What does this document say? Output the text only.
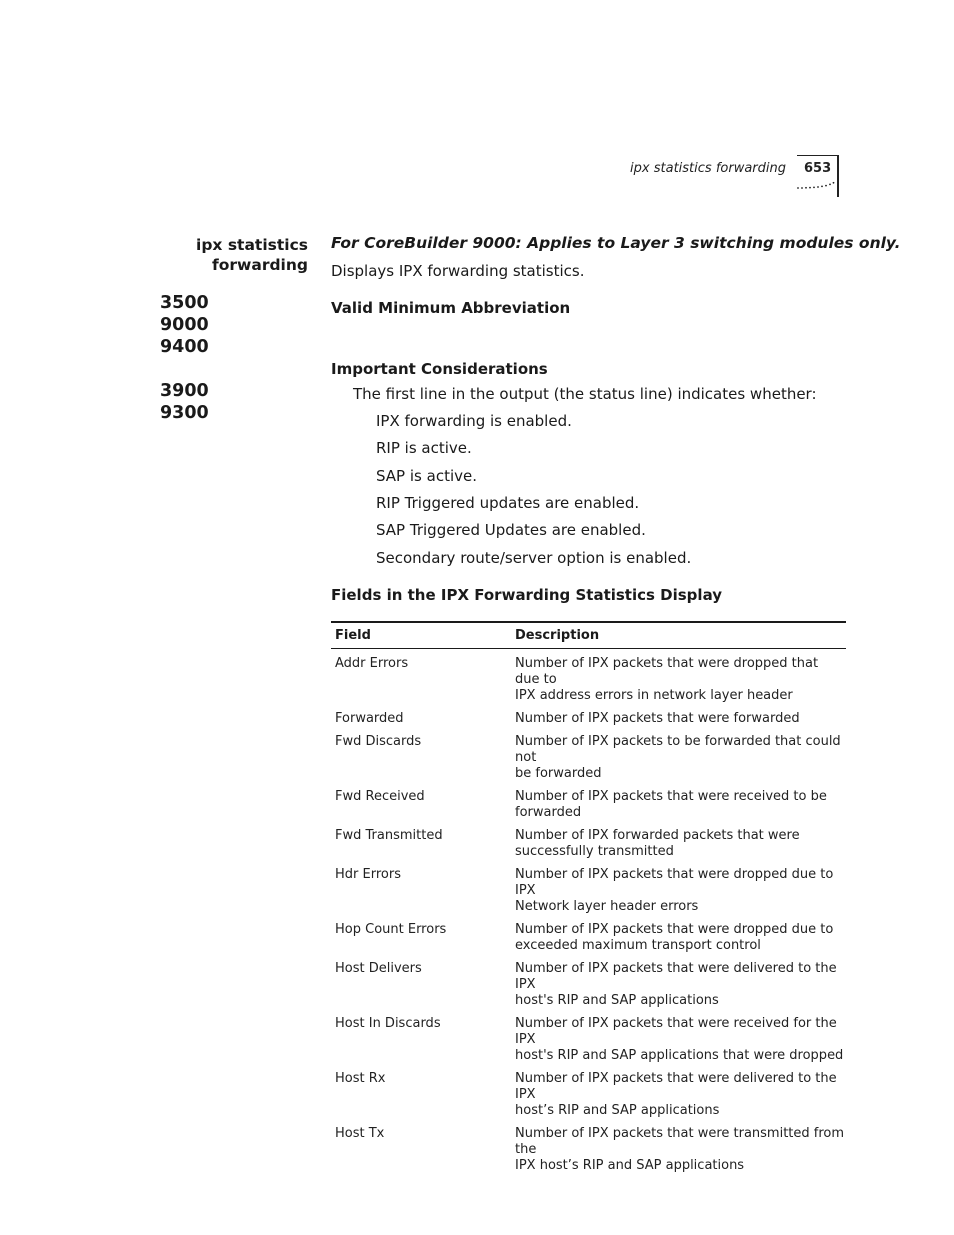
ipx statistics forwarding 653
ipx statistics
forwarding
3500
9000
9400
3900
9300
For CoreBuilder 9000: Applies to Layer 3 switching modules only.
Displays IPX forwarding statistics.
Valid Minimum Abbreviation
Important Considerations
The first line in the output (the status line) indicates whether:
IPX forwarding is enabled.
RIP is active.
SAP is active.
RIP Triggered updates are enabled.
SAP Triggered Updates are enabled.
Secondary route/server option is enabled.
Fields in the IPX Forwarding Statistics Display
Field	Description
Addr Errors	Number of IPX packets that were dropped that due to
IPX address errors in network layer header
Forwarded	Number of IPX packets that were forwarded
Fwd Discards	Number of IPX packets to be forwarded that could not
be forwarded
Fwd Received	Number of IPX packets that were received to be
forwarded
Fwd Transmitted	Number of IPX forwarded packets that were
successfully transmitted
Hdr Errors	Number of IPX packets that were dropped due to IPX
Network layer header errors
Hop Count Errors	Number of IPX packets that were dropped due to
exceeded maximum transport control
Host Delivers	Number of IPX packets that were delivered to the IPX
host's RIP and SAP applications
Host In Discards	Number of IPX packets that were received for the IPX
host's RIP and SAP applications that were dropped
Host Rx	Number of IPX packets that were delivered to the IPX
host’s RIP and SAP applications
Host Tx	Number of IPX packets that were transmitted from the
IPX host’s RIP and SAP applications
